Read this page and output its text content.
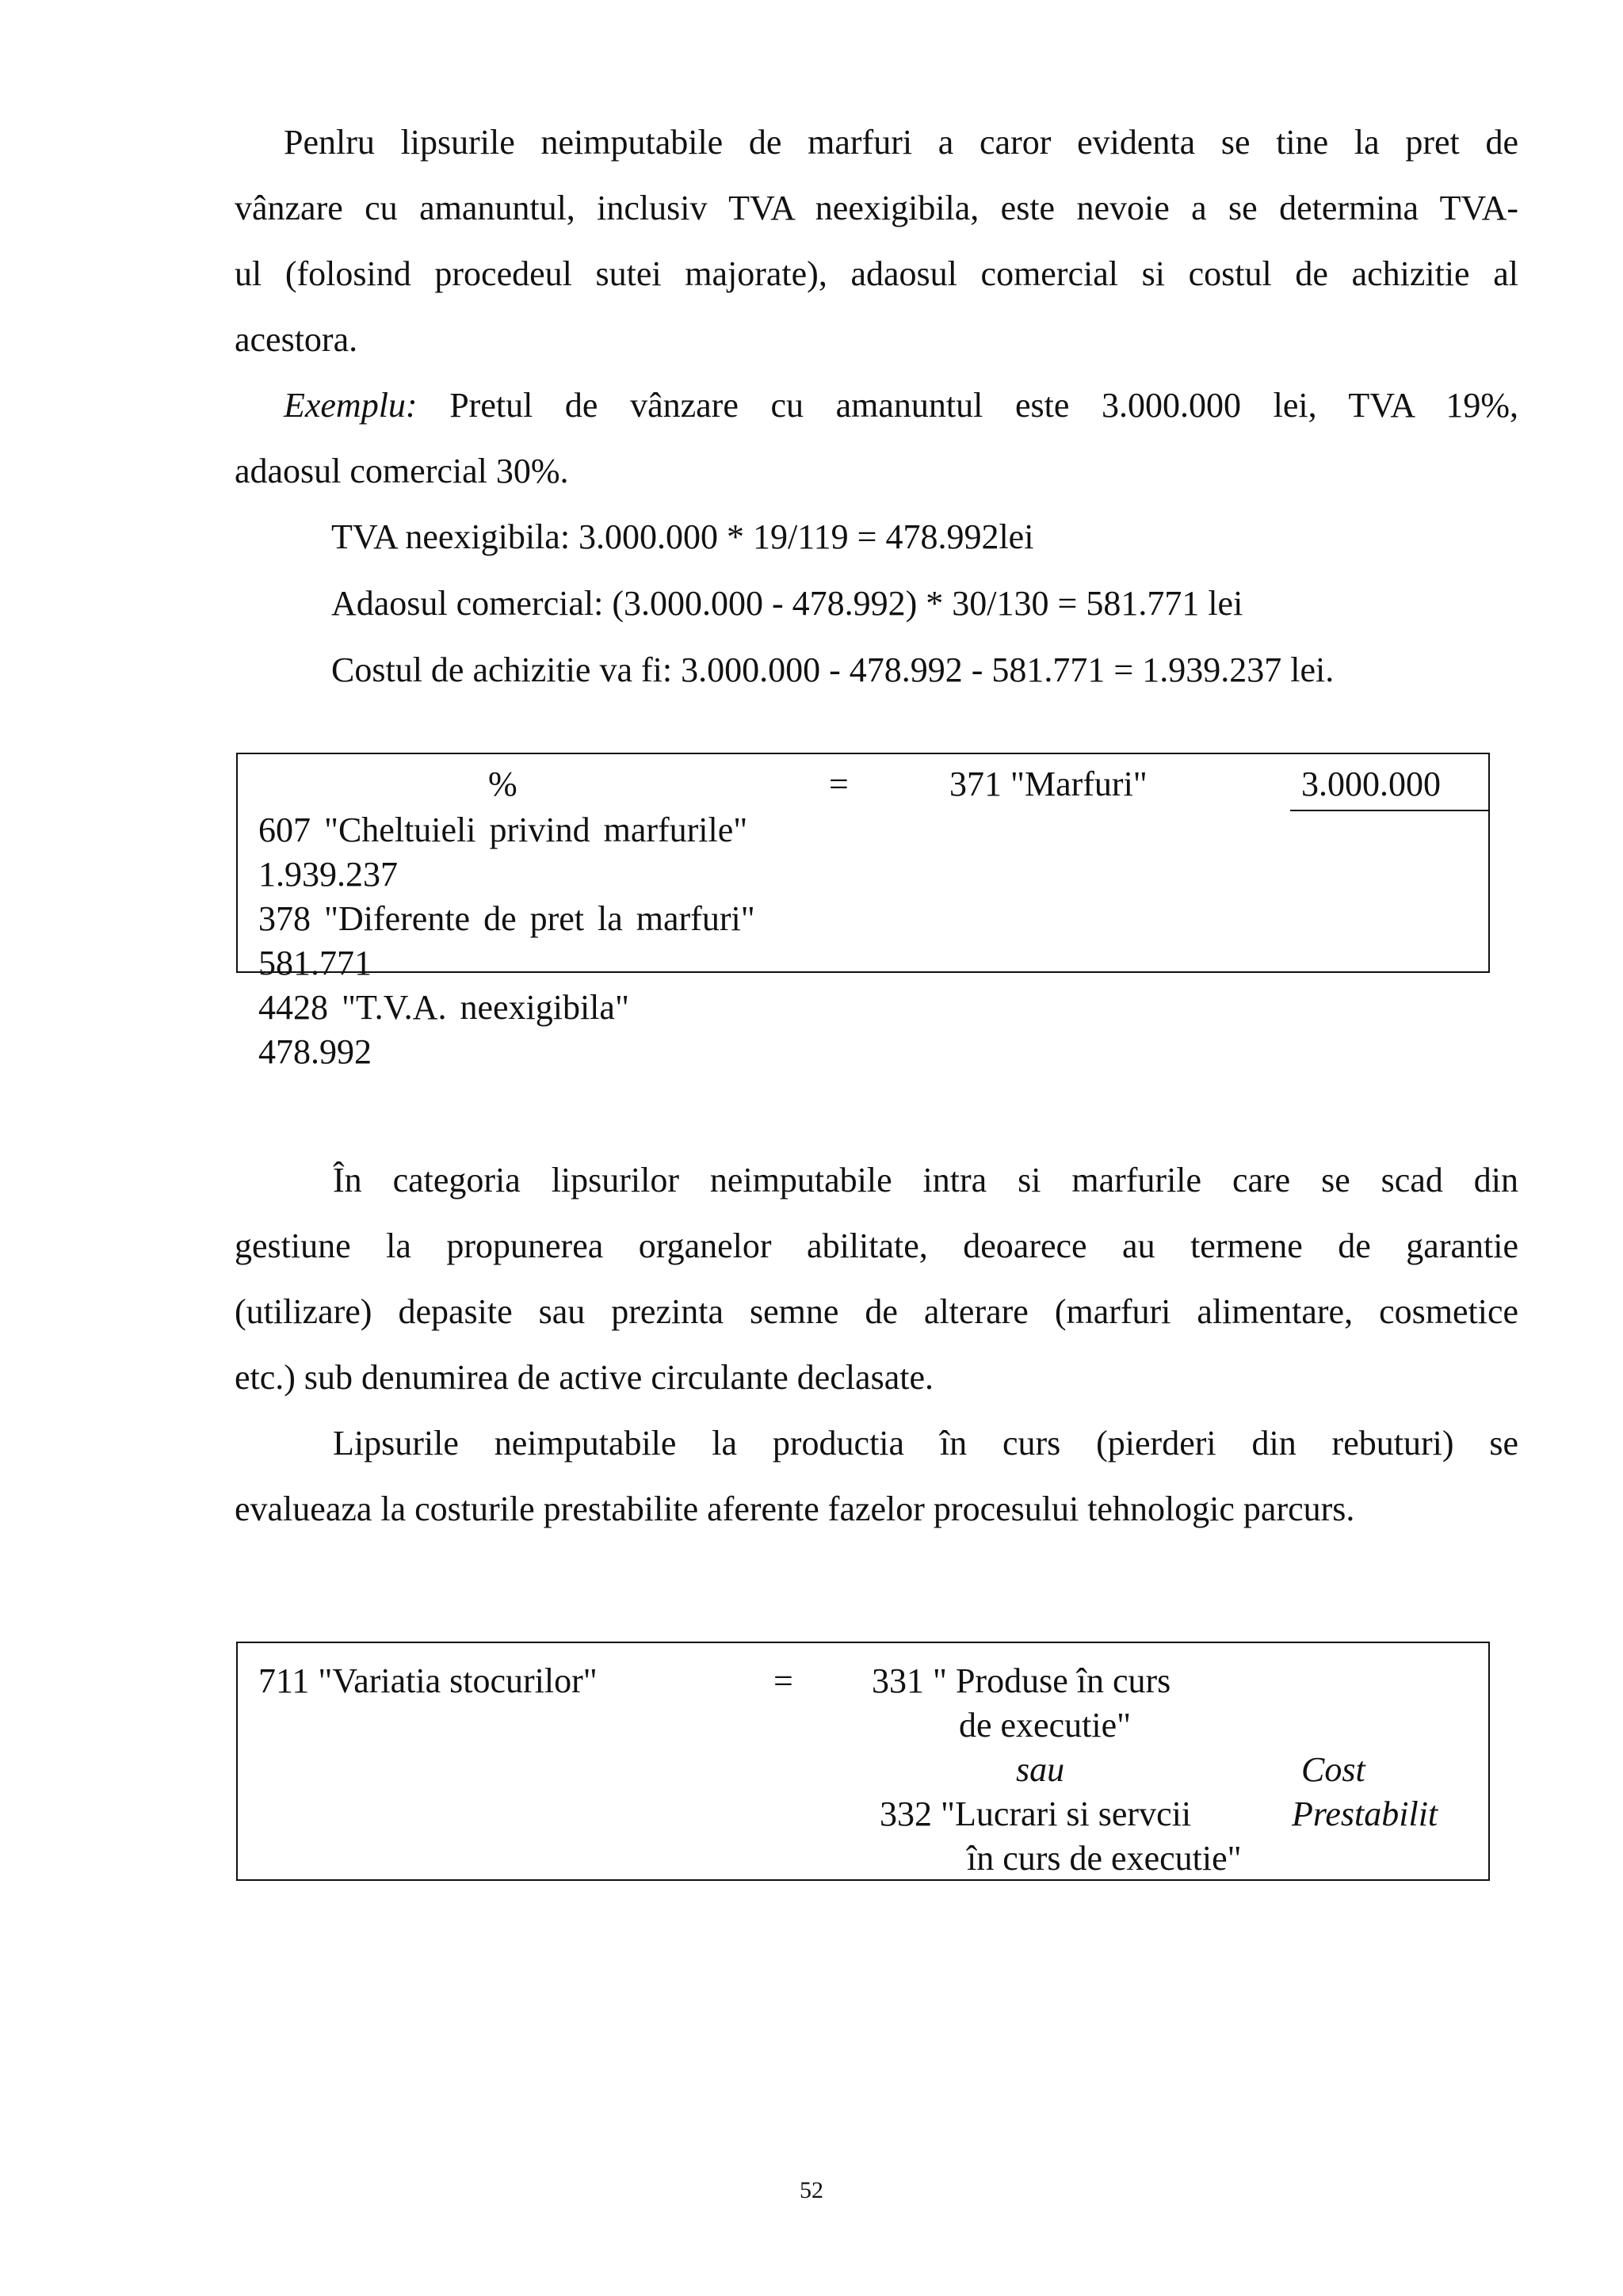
Penlru lipsurile neimputabile de marfuri a caror evidenta se tine la pret de
vânzare cu amanuntul, inclusiv TVA neexigibila, este nevoie a se determina TVA-
ul (folosind procedeul sutei majorate), adaosul comercial si costul de achizitie al
acestora.
Exemplu: Pretul de vânzare cu amanuntul este 3.000.000 lei, TVA 19%,
adaosul comercial 30%.
TVA neexigibila: 3.000.000 * 19/119 = 478.992lei
Adaosul comercial: (3.000.000 - 478.992) * 30/130 = 581.771 lei
Costul de achizitie va fi: 3.000.000 - 478.992 - 581.771 = 1.939.237 lei.
%	=	371 "Marfuri"	3.000.000
607 "Cheltuieli privind marfurile"
1.939.237
378 "Diferente de pret la marfuri"
581.771
4428 "T.V.A. neexigibila"
478.992
În categoria lipsurilor neimputabile intra si marfurile care se scad din
gestiune la propunerea organelor abilitate, deoarece au termene de garantie
(utilizare) depasite sau prezinta semne de alterare (marfuri alimentare, cosmetice
etc.) sub denumirea de active circulante declasate.
Lipsurile neimputabile la productia în curs (pierderi din rebuturi) se
evalueaza la costurile prestabilite aferente fazelor procesului tehnologic parcurs.
711 "Variatia stocurilor"	= 331 " Produse în curs
de executie"
sau	Cost
332 "Lucrari si servcii	Prestabilit
în curs de executie"
52
